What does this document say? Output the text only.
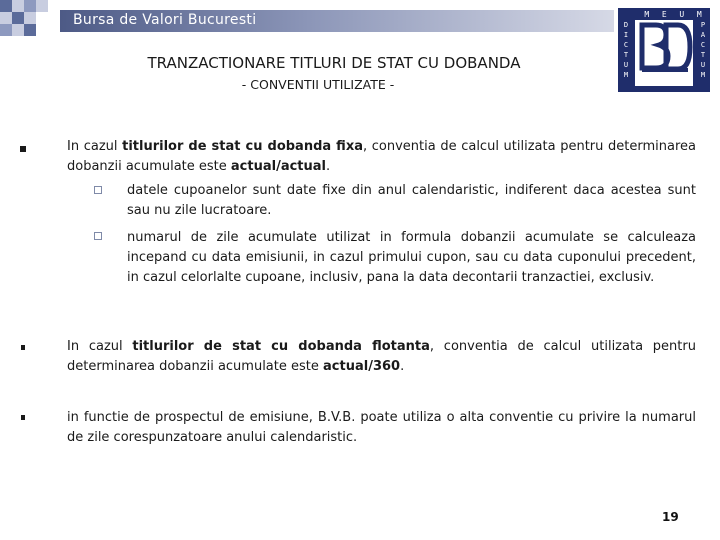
Bursa de Valori Bucuresti	M E U M
D
I
C
T
U
M
P
A
C
T
U
M
TRANZACTIONARE TITLURI DE STAT CU DOBANDA
- CONVENTII UTILIZATE -
In cazul titlurilor de stat cu dobanda fixa, conventia de calcul utilizata pentru determinarea dobanzii acumulate este actual/actual.
datele cupoanelor sunt date fixe din anul calendaristic, indiferent daca acestea sunt sau nu zile lucratoare.
numarul de zile acumulate utilizat in formula dobanzii acumulate se calculeaza incepand cu data emisiunii, in cazul primului cupon, sau cu data cuponului precedent, in cazul celorlalte cupoane, inclusiv, pana la data decontarii tranzactiei, exclusiv.
In cazul titlurilor de stat cu dobanda flotanta, conventia de calcul utilizata pentru determinarea dobanzii acumulate este actual/360.
in functie de prospectul de emisiune, B.V.B. poate utiliza o alta conventie cu privire la numarul de zile corespunzatoare anului calendaristic.
19
